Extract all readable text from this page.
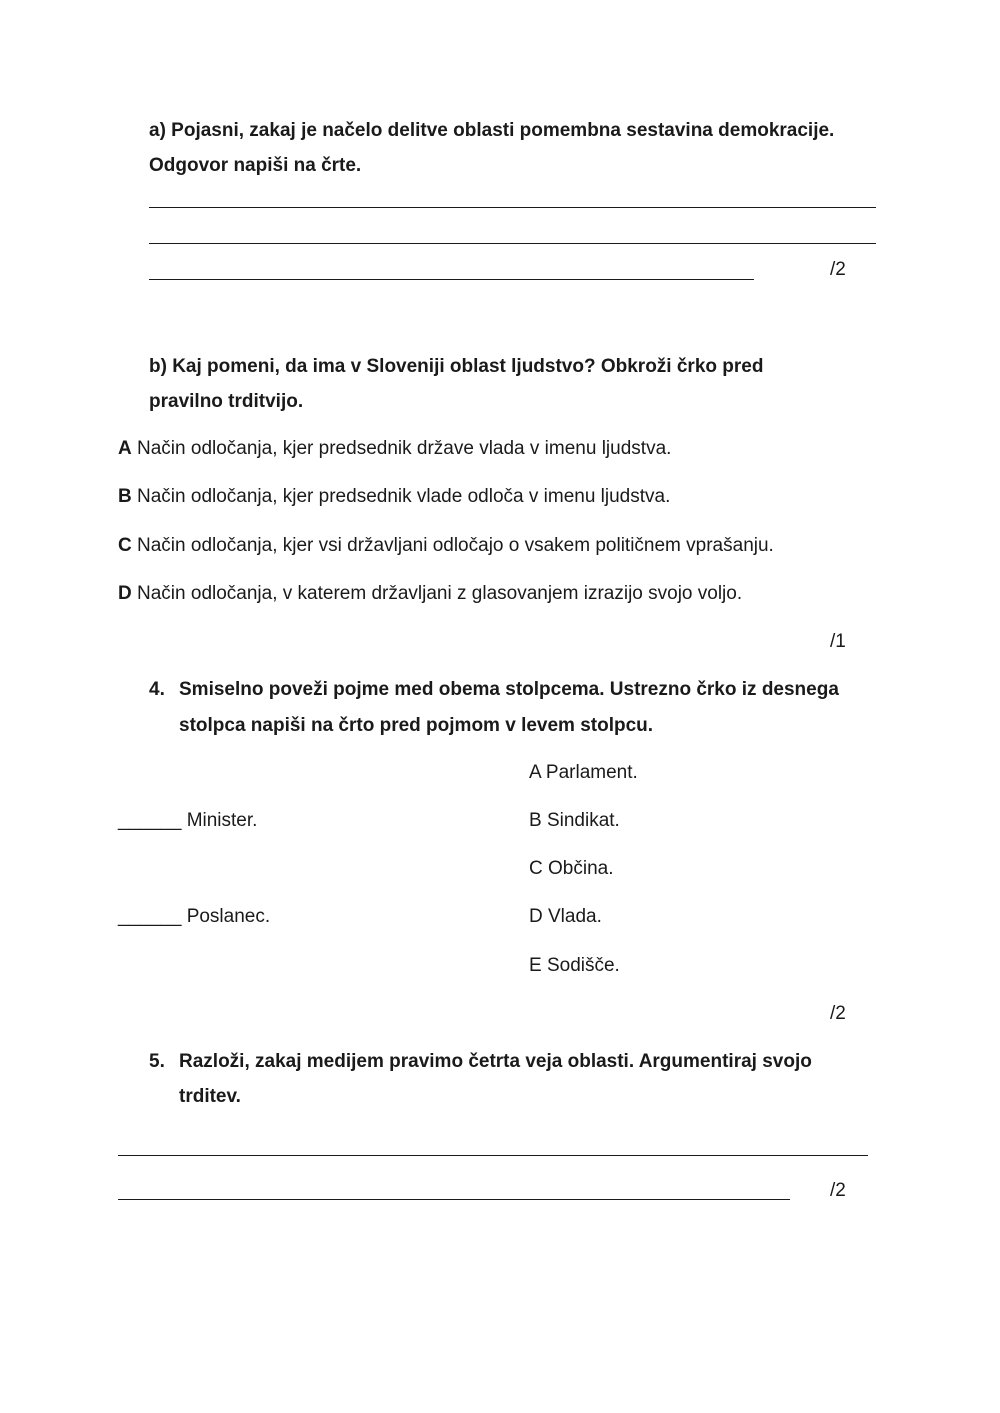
a) Pojasni, zakaj je načelo delitve oblasti pomembna sestavina demokracije.
Odgovor napiši na črte.
/2
b) Kaj pomeni, da ima v Sloveniji oblast ljudstvo? Obkroži črko pred
pravilno trditvijo.
A Način odločanja, kjer predsednik države vlada v imenu ljudstva.
B Način odločanja, kjer predsednik vlade odloča v imenu ljudstva.
C Način odločanja, kjer vsi državljani odločajo o vsakem političnem vprašanju.
D Način odločanja, v katerem državljani z glasovanjem izrazijo svojo voljo.
/1
4. Smiselno poveži pojme med obema stolpcema. Ustrezno črko iz desnega
stolpca napiši na črto pred pojmom v levem stolpcu.
A Parlament.
______ Minister.	B Sindikat.
C Občina.
______ Poslanec.	D Vlada.
E Sodišče.
/2
5. Razloži, zakaj medijem pravimo četrta veja oblasti. Argumentiraj svojo
trditev.
/2
